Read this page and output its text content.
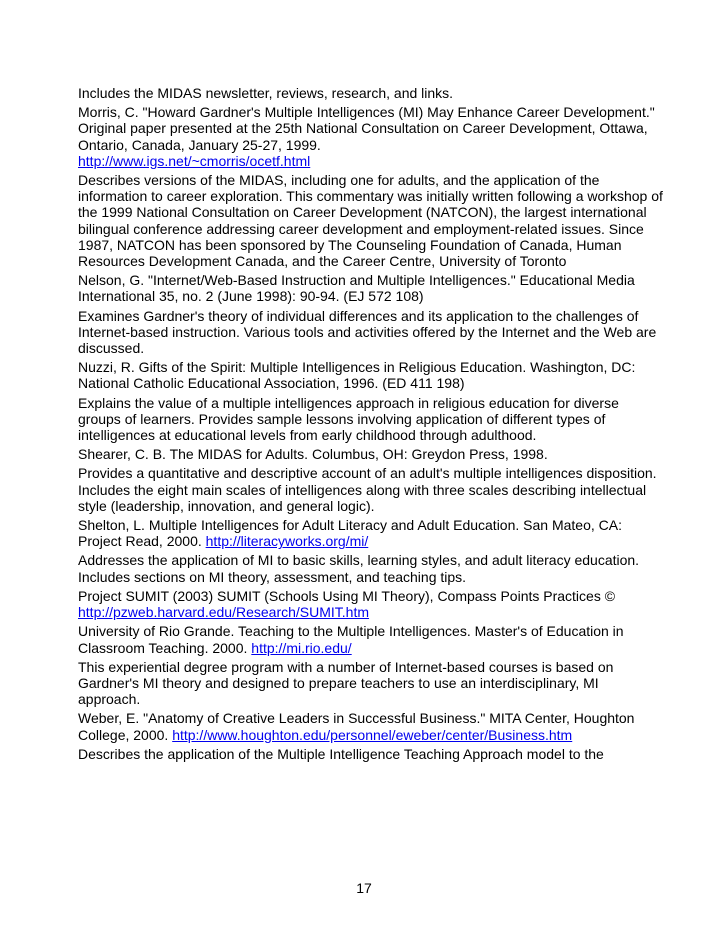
Includes the MIDAS newsletter, reviews, research, and links.

Morris, C. "Howard Gardner's Multiple Intelligences (MI) May Enhance Career Development." Original paper presented at the 25th National Consultation on Career Development, Ottawa, Ontario, Canada, January 25-27, 1999.
http://www.igs.net/~cmorris/ocetf.html

Describes versions of the MIDAS, including one for adults, and the application of the information to career exploration. This commentary was initially written following a workshop of the 1999 National Consultation on Career Development (NATCON), the largest international bilingual conference addressing career development and employment-related issues. Since 1987, NATCON has been sponsored by The Counseling Foundation of Canada, Human Resources Development Canada, and the Career Centre, University of Toronto

Nelson, G. "Internet/Web-Based Instruction and Multiple Intelligences." Educational Media International 35, no. 2 (June 1998): 90-94. (EJ 572 108)

Examines Gardner's theory of individual differences and its application to the challenges of Internet-based instruction. Various tools and activities offered by the Internet and the Web are discussed.

Nuzzi, R. Gifts of the Spirit: Multiple Intelligences in Religious Education. Washington, DC: National Catholic Educational Association, 1996. (ED 411 198)

Explains the value of a multiple intelligences approach in religious education for diverse groups of learners. Provides sample lessons involving application of different types of intelligences at educational levels from early childhood through adulthood.

Shearer, C. B. The MIDAS for Adults. Columbus, OH: Greydon Press, 1998.

Provides a quantitative and descriptive account of an adult's multiple intelligences disposition. Includes the eight main scales of intelligences along with three scales describing intellectual style (leadership, innovation, and general logic).

Shelton, L. Multiple Intelligences for Adult Literacy and Adult Education. San Mateo, CA: Project Read, 2000. http://literacyworks.org/mi/

Addresses the application of MI to basic skills, learning styles, and adult literacy education. Includes sections on MI theory, assessment, and teaching tips.

Project SUMIT (2003) SUMIT (Schools Using MI Theory), Compass Points Practices ©
http://pzweb.harvard.edu/Research/SUMIT.htm

University of Rio Grande. Teaching to the Multiple Intelligences. Master's of Education in Classroom Teaching. 2000. http://mi.rio.edu/

This experiential degree program with a number of Internet-based courses is based on Gardner's MI theory and designed to prepare teachers to use an interdisciplinary, MI approach.

Weber, E. "Anatomy of Creative Leaders in Successful Business." MITA Center, Houghton College, 2000. http://www.houghton.edu/personnel/eweber/center/Business.htm

Describes the application of the Multiple Intelligence Teaching Approach model to the

17
